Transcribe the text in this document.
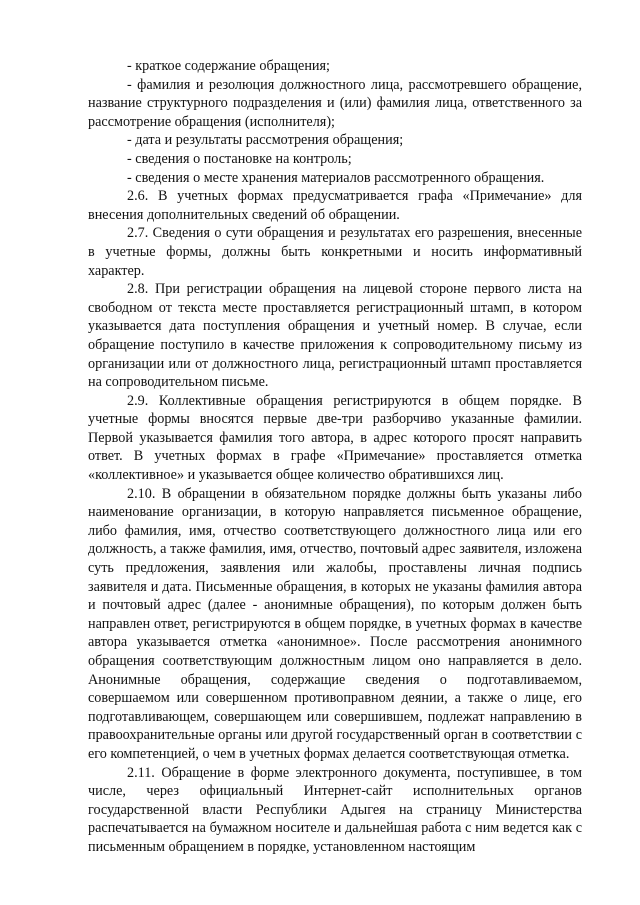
- краткое содержание обращения;

- фамилия и резолюция должностного лица, рассмотревшего обращение, название структурного подразделения и (или) фамилия лица, ответственного за рассмотрение обращения (исполнителя);

- дата и результаты рассмотрения обращения;

- сведения о постановке на контроль;

- сведения о месте хранения материалов рассмотренного обращения.

2.6. В учетных формах предусматривается графа «Примечание» для внесения дополнительных сведений об обращении.

2.7. Сведения о сути обращения и результатах его разрешения, внесенные в учетные формы, должны быть конкретными и носить информативный характер.

2.8. При регистрации обращения на лицевой стороне первого листа на свободном от текста месте проставляется регистрационный штамп, в котором указывается дата поступления обращения и учетный номер. В случае, если обращение поступило в качестве приложения к сопроводительному письму из организации или от должностного лица, регистрационный штамп проставляется на сопроводительном письме.

2.9. Коллективные обращения регистрируются в общем порядке. В учетные формы вносятся первые две-три разборчиво указанные фамилии. Первой указывается фамилия того автора, в адрес которого просят направить ответ. В учетных формах в графе «Примечание» проставляется отметка «коллективное» и указывается общее количество обратившихся лиц.

2.10. В обращении в обязательном порядке должны быть указаны либо наименование организации, в которую направляется письменное обращение, либо фамилия, имя, отчество соответствующего должностного лица или его должность, а также фамилия, имя, отчество, почтовый адрес заявителя, изложена суть предложения, заявления или жалобы, проставлены личная подпись заявителя и дата. Письменные обращения, в которых не указаны фамилия автора и почтовый адрес (далее - анонимные обращения), по которым должен быть направлен ответ, регистрируются в общем порядке, в учетных формах в качестве автора указывается отметка «анонимное». После рассмотрения анонимного обращения соответствующим должностным лицом оно направляется в дело. Анонимные обращения, содержащие сведения о подготавливаемом, совершаемом или совершенном противоправном деянии, а также о лице, его подготавливающем, совершающем или совершившем, подлежат направлению в правоохранительные органы или другой государственный орган в соответствии с его компетенцией, о чем в учетных формах делается соответствующая отметка.

2.11. Обращение в форме электронного документа, поступившее, в том числе, через официальный Интернет-сайт исполнительных органов государственной власти Республики Адыгея на страницу Министерства распечатывается на бумажном носителе и дальнейшая работа с ним ведется как с письменным обращением в порядке, установленном настоящим
